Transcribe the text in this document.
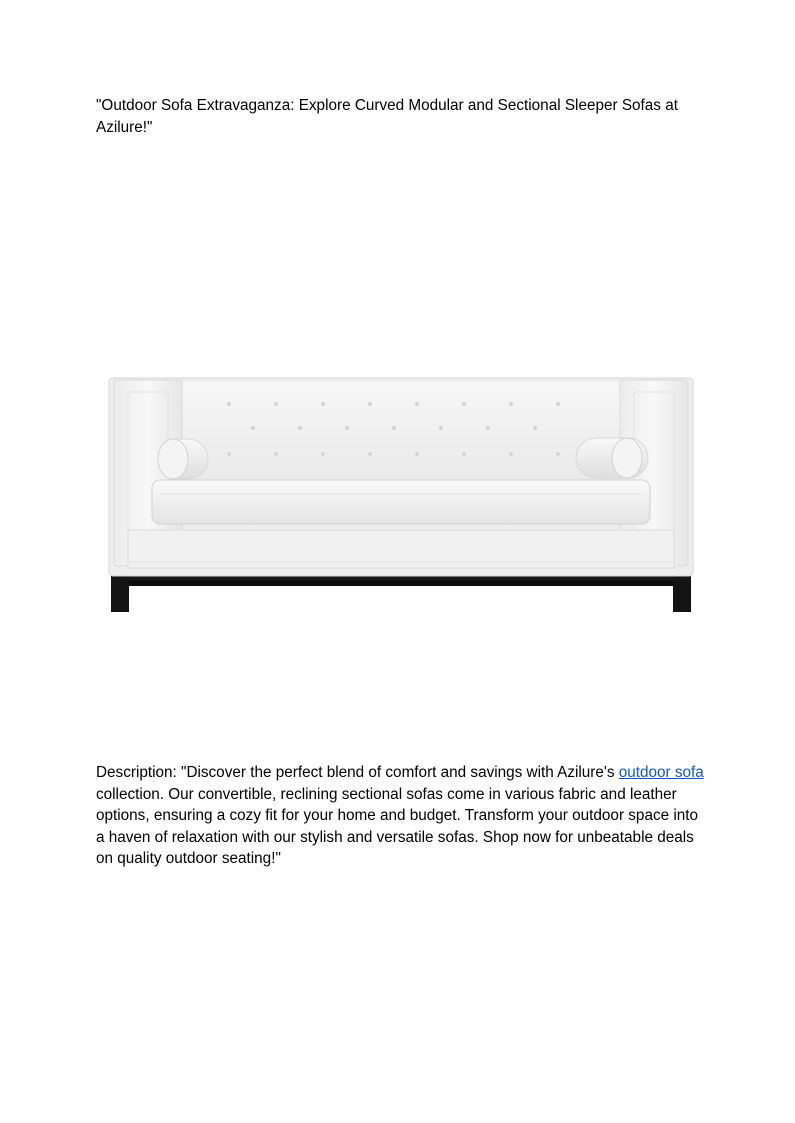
"Outdoor Sofa Extravaganza: Explore Curved Modular and Sectional Sleeper Sofas at Azilure!"

Description: "Discover the perfect blend of comfort and savings with Azilure's outdoor sofa collection. Our convertible, reclining sectional sofas come in various fabric and leather options, ensuring a cozy fit for your home and budget. Transform your outdoor space into a haven of relaxation with our stylish and versatile sofas. Shop now for unbeatable deals on quality outdoor seating!"
